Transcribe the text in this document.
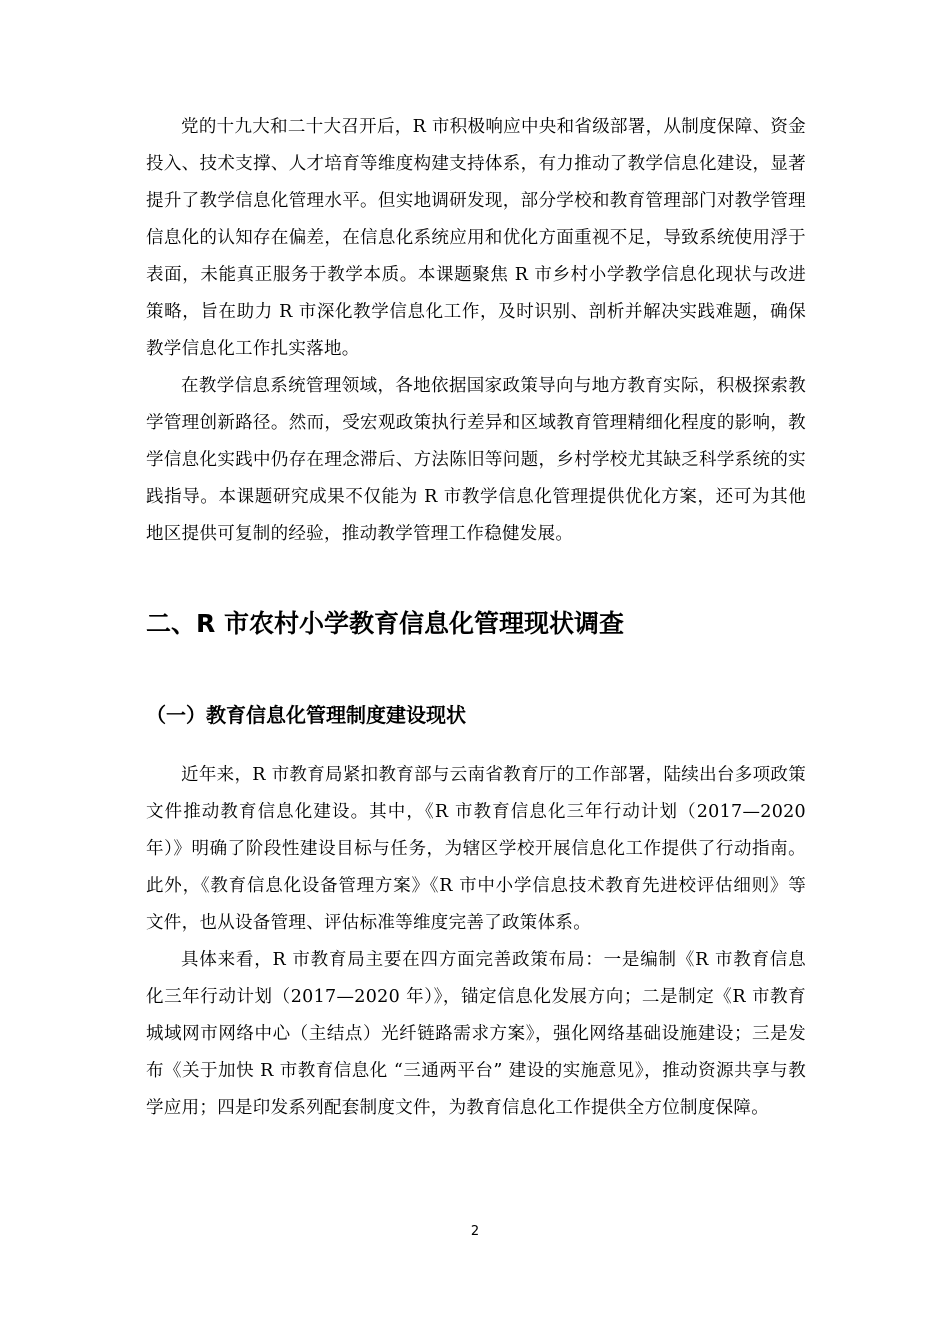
党的十九大和二十大召开后，R 市积极响应中央和省级部署，从制度保障、资金投入、技术支撑、人才培育等维度构建支持体系，有力推动了教学信息化建设，显著提升了教学信息化管理水平。但实地调研发现，部分学校和教育管理部门对教学管理信息化的认知存在偏差，在信息化系统应用和优化方面重视不足，导致系统使用浮于表面，未能真正服务于教学本质。本课题聚焦 R 市乡村小学教学信息化现状与改进策略，旨在助力 R 市深化教学信息化工作，及时识别、剖析并解决实践难题，确保教学信息化工作扎实落地。

在教学信息系统管理领域，各地依据国家政策导向与地方教育实际，积极探索教学管理创新路径。然而，受宏观政策执行差异和区域教育管理精细化程度的影响，教学信息化实践中仍存在理念滞后、方法陈旧等问题，乡村学校尤其缺乏科学系统的实践指导。本课题研究成果不仅能为 R 市教学信息化管理提供优化方案，还可为其他地区提供可复制的经验，推动教学管理工作稳健发展。

二、R 市农村小学教育信息化管理现状调查
（一）教育信息化管理制度建设现状

近年来，R 市教育局紧扣教育部与云南省教育厅的工作部署，陆续出台多项政策文件推动教育信息化建设。其中，《R 市教育信息化三年行动计划（2017—2020 年）》明确了阶段性建设目标与任务，为辖区学校开展信息化工作提供了行动指南。此外，《教育信息化设备管理方案》《R 市中小学信息技术教育先进校评估细则》等文件，也从设备管理、评估标准等维度完善了政策体系。

具体来看，R 市教育局主要在四方面完善政策布局：一是编制《R 市教育信息化三年行动计划（2017—2020 年）》，锚定信息化发展方向；二是制定《R 市教育城域网市网络中心（主结点）光纤链路需求方案》，强化网络基础设施建设；三是发布《关于加快 R 市教育信息化 “三通两平台” 建设的实施意见》，推动资源共享与教学应用；四是印发系列配套制度文件，为教育信息化工作提供全方位制度保障。

2
